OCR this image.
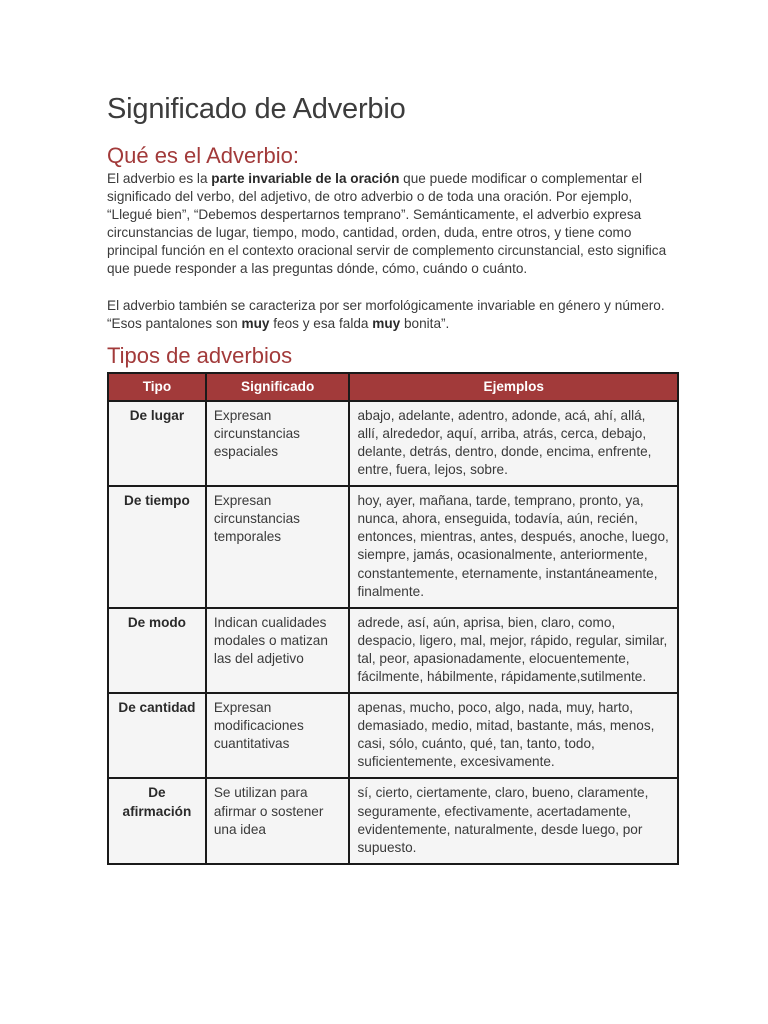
Significado de Adverbio
Qué es el Adverbio:

El adverbio es la parte invariable de la oración que puede modificar o complementar el significado del verbo, del adjetivo, de otro adverbio o de toda una oración. Por ejemplo, “Llegué bien”, “Debemos despertarnos temprano”. Semánticamente, el adverbio expresa circunstancias de lugar, tiempo, modo, cantidad, orden, duda, entre otros, y tiene como principal función en el contexto oracional servir de complemento circunstancial, esto significa que puede responder a las preguntas dónde, cómo, cuándo o cuánto.

El adverbio también se caracteriza por ser morfológicamente invariable en género y número. “Esos pantalones son muy feos y esa falda muy bonita”.

Tipos de adverbios
Tipo	Significado	Ejemplos
De lugar	Expresan circunstancias espaciales	abajo, adelante, adentro, adonde, acá, ahí, allá, allí, alrededor, aquí, arriba, atrás, cerca, debajo, delante, detrás, dentro, donde, encima, enfrente, entre, fuera, lejos, sobre.
De tiempo	Expresan circunstancias temporales	hoy, ayer, mañana, tarde, temprano, pronto, ya, nunca, ahora, enseguida, todavía, aún, recién, entonces, mientras, antes, después, anoche, luego, siempre, jamás, ocasionalmente, anteriormente, constantemente, eternamente, instantáneamente, finalmente.
De modo	Indican cualidades modales o matizan las del adjetivo	adrede, así, aún, aprisa, bien, claro, como, despacio, ligero, mal, mejor, rápido, regular, similar, tal, peor, apasionadamente, elocuentemente, fácilmente, hábilmente, rápidamente,sutilmente.
De cantidad	Expresan modificaciones cuantitativas	apenas, mucho, poco, algo, nada, muy, harto, demasiado, medio, mitad, bastante, más, menos, casi, sólo, cuánto, qué, tan, tanto, todo, suficientemente, excesivamente.
De afirmación	Se utilizan para afirmar o sostener una idea	sí, cierto, ciertamente, claro, bueno, claramente, seguramente, efectivamente, acertadamente, evidentemente, naturalmente, desde luego, por supuesto.
